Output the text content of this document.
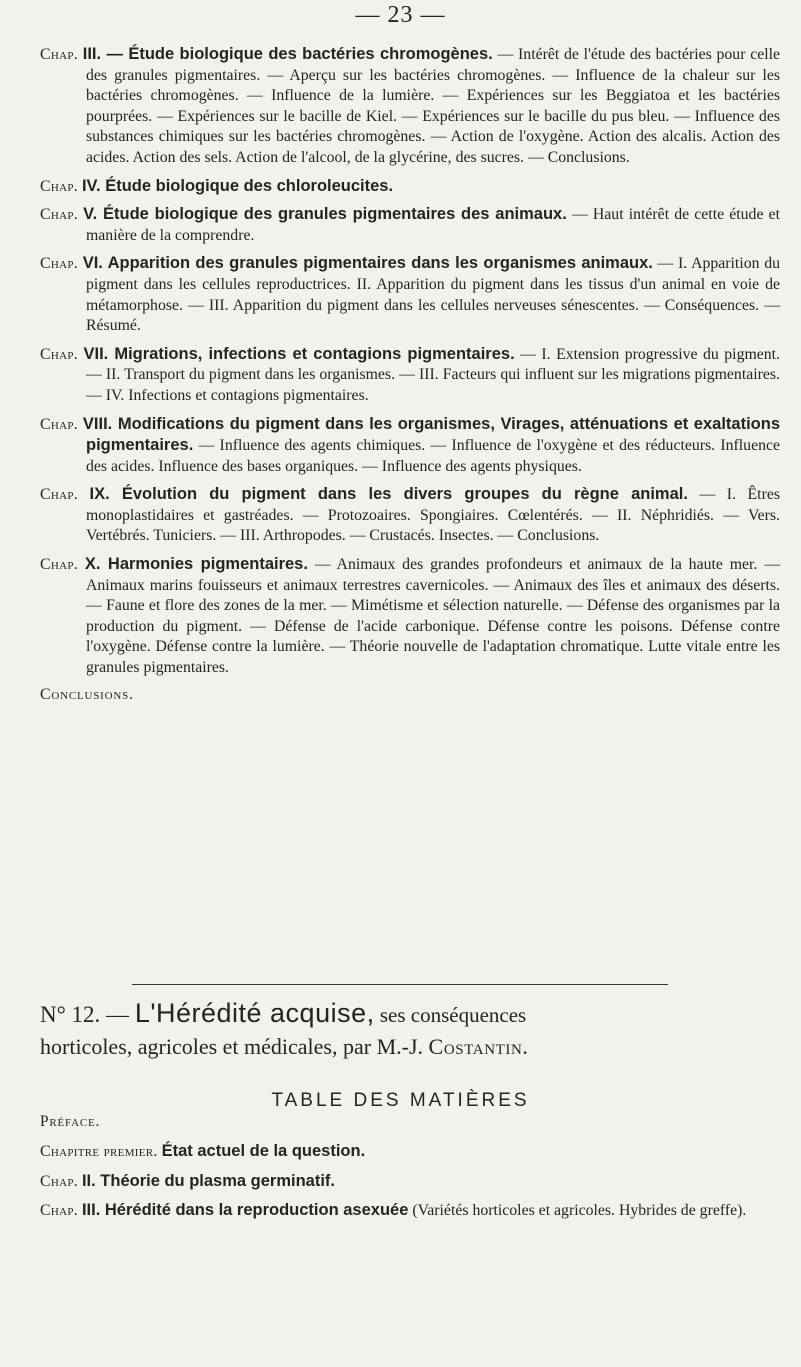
— 23 —
Chap. III. — Étude biologique des bactéries chromogènes. — Intérêt de l'étude des bactéries pour celle des granules pigmentaires. — Aperçu sur les bactéries chromogènes. — Influence de la chaleur sur les bactéries chromogènes. — Influence de la lumière. — Expériences sur les Beggiatoa et les bactéries pourprées. — Expériences sur le bacille de Kiel. — Expériences sur le bacille du pus bleu. — Influence des substances chimiques sur les bactéries chromogènes. — Action de l'oxygène. Action des alcalis. Action des acides. Action des sels. Action de l'alcool, de la glycérine, des sucres. — Conclusions.
Chap. IV. Étude biologique des chloroleucites.
Chap. V. Étude biologique des granules pigmentaires des animaux. — Haut intérêt de cette étude et manière de la comprendre.
Chap. VI. Apparition des granules pigmentaires dans les organismes animaux. — I. Apparition du pigment dans les cellules reproductrices. II. Apparition du pigment dans les tissus d'un animal en voie de métamorphose. — III. Apparition du pigment dans les cellules nerveuses sénescentes. — Conséquences. — Résumé.
Chap. VII. Migrations, infections et contagions pigmentaires. — I. Extension progressive du pigment. — II. Transport du pigment dans les organismes. — III. Facteurs qui influent sur les migrations pigmentaires. — IV. Infections et contagions pigmentaires.
Chap. VIII. Modifications du pigment dans les organismes, Virages, atténuations et exaltations pigmentaires. — Influence des agents chimiques. — Influence de l'oxygène et des réducteurs. Influence des acides. Influence des bases organiques. — Influence des agents physiques.
Chap. IX. Évolution du pigment dans les divers groupes du règne animal. — I. Êtres monoplastidaires et gastréades. — Protozoaires. Spongiaires. Cœlentérés. — II. Néphridiés. — Vers. Vertébrés. Tuniciers. — III. Arthropodes. — Crustacés. Insectes. — Conclusions.
Chap. X. Harmonies pigmentaires. — Animaux des grandes profondeurs et animaux de la haute mer. — Animaux marins fouisseurs et animaux terrestres cavernicoles. — Animaux des îles et animaux des déserts. — Faune et flore des zones de la mer. — Mimétisme et sélection naturelle. — Défense des organismes par la production du pigment. — Défense de l'acide carbonique. Défense contre les poisons. Défense contre l'oxygène. Défense contre la lumière. — Théorie nouvelle de l'adaptation chromatique. Lutte vitale entre les granules pigmentaires.
Conclusions.
N° 12. — L'Hérédité acquise, ses conséquences
horticoles, agricoles et médicales, par M.-J. Costantin.
TABLE DES MATIÈRES
Préface.
Chapitre premier. État actuel de la question.
Chap. II. Théorie du plasma germinatif.
Chap. III. Hérédité dans la reproduction asexuée (Variétés horticoles et agricoles. Hybrides de greffe).
